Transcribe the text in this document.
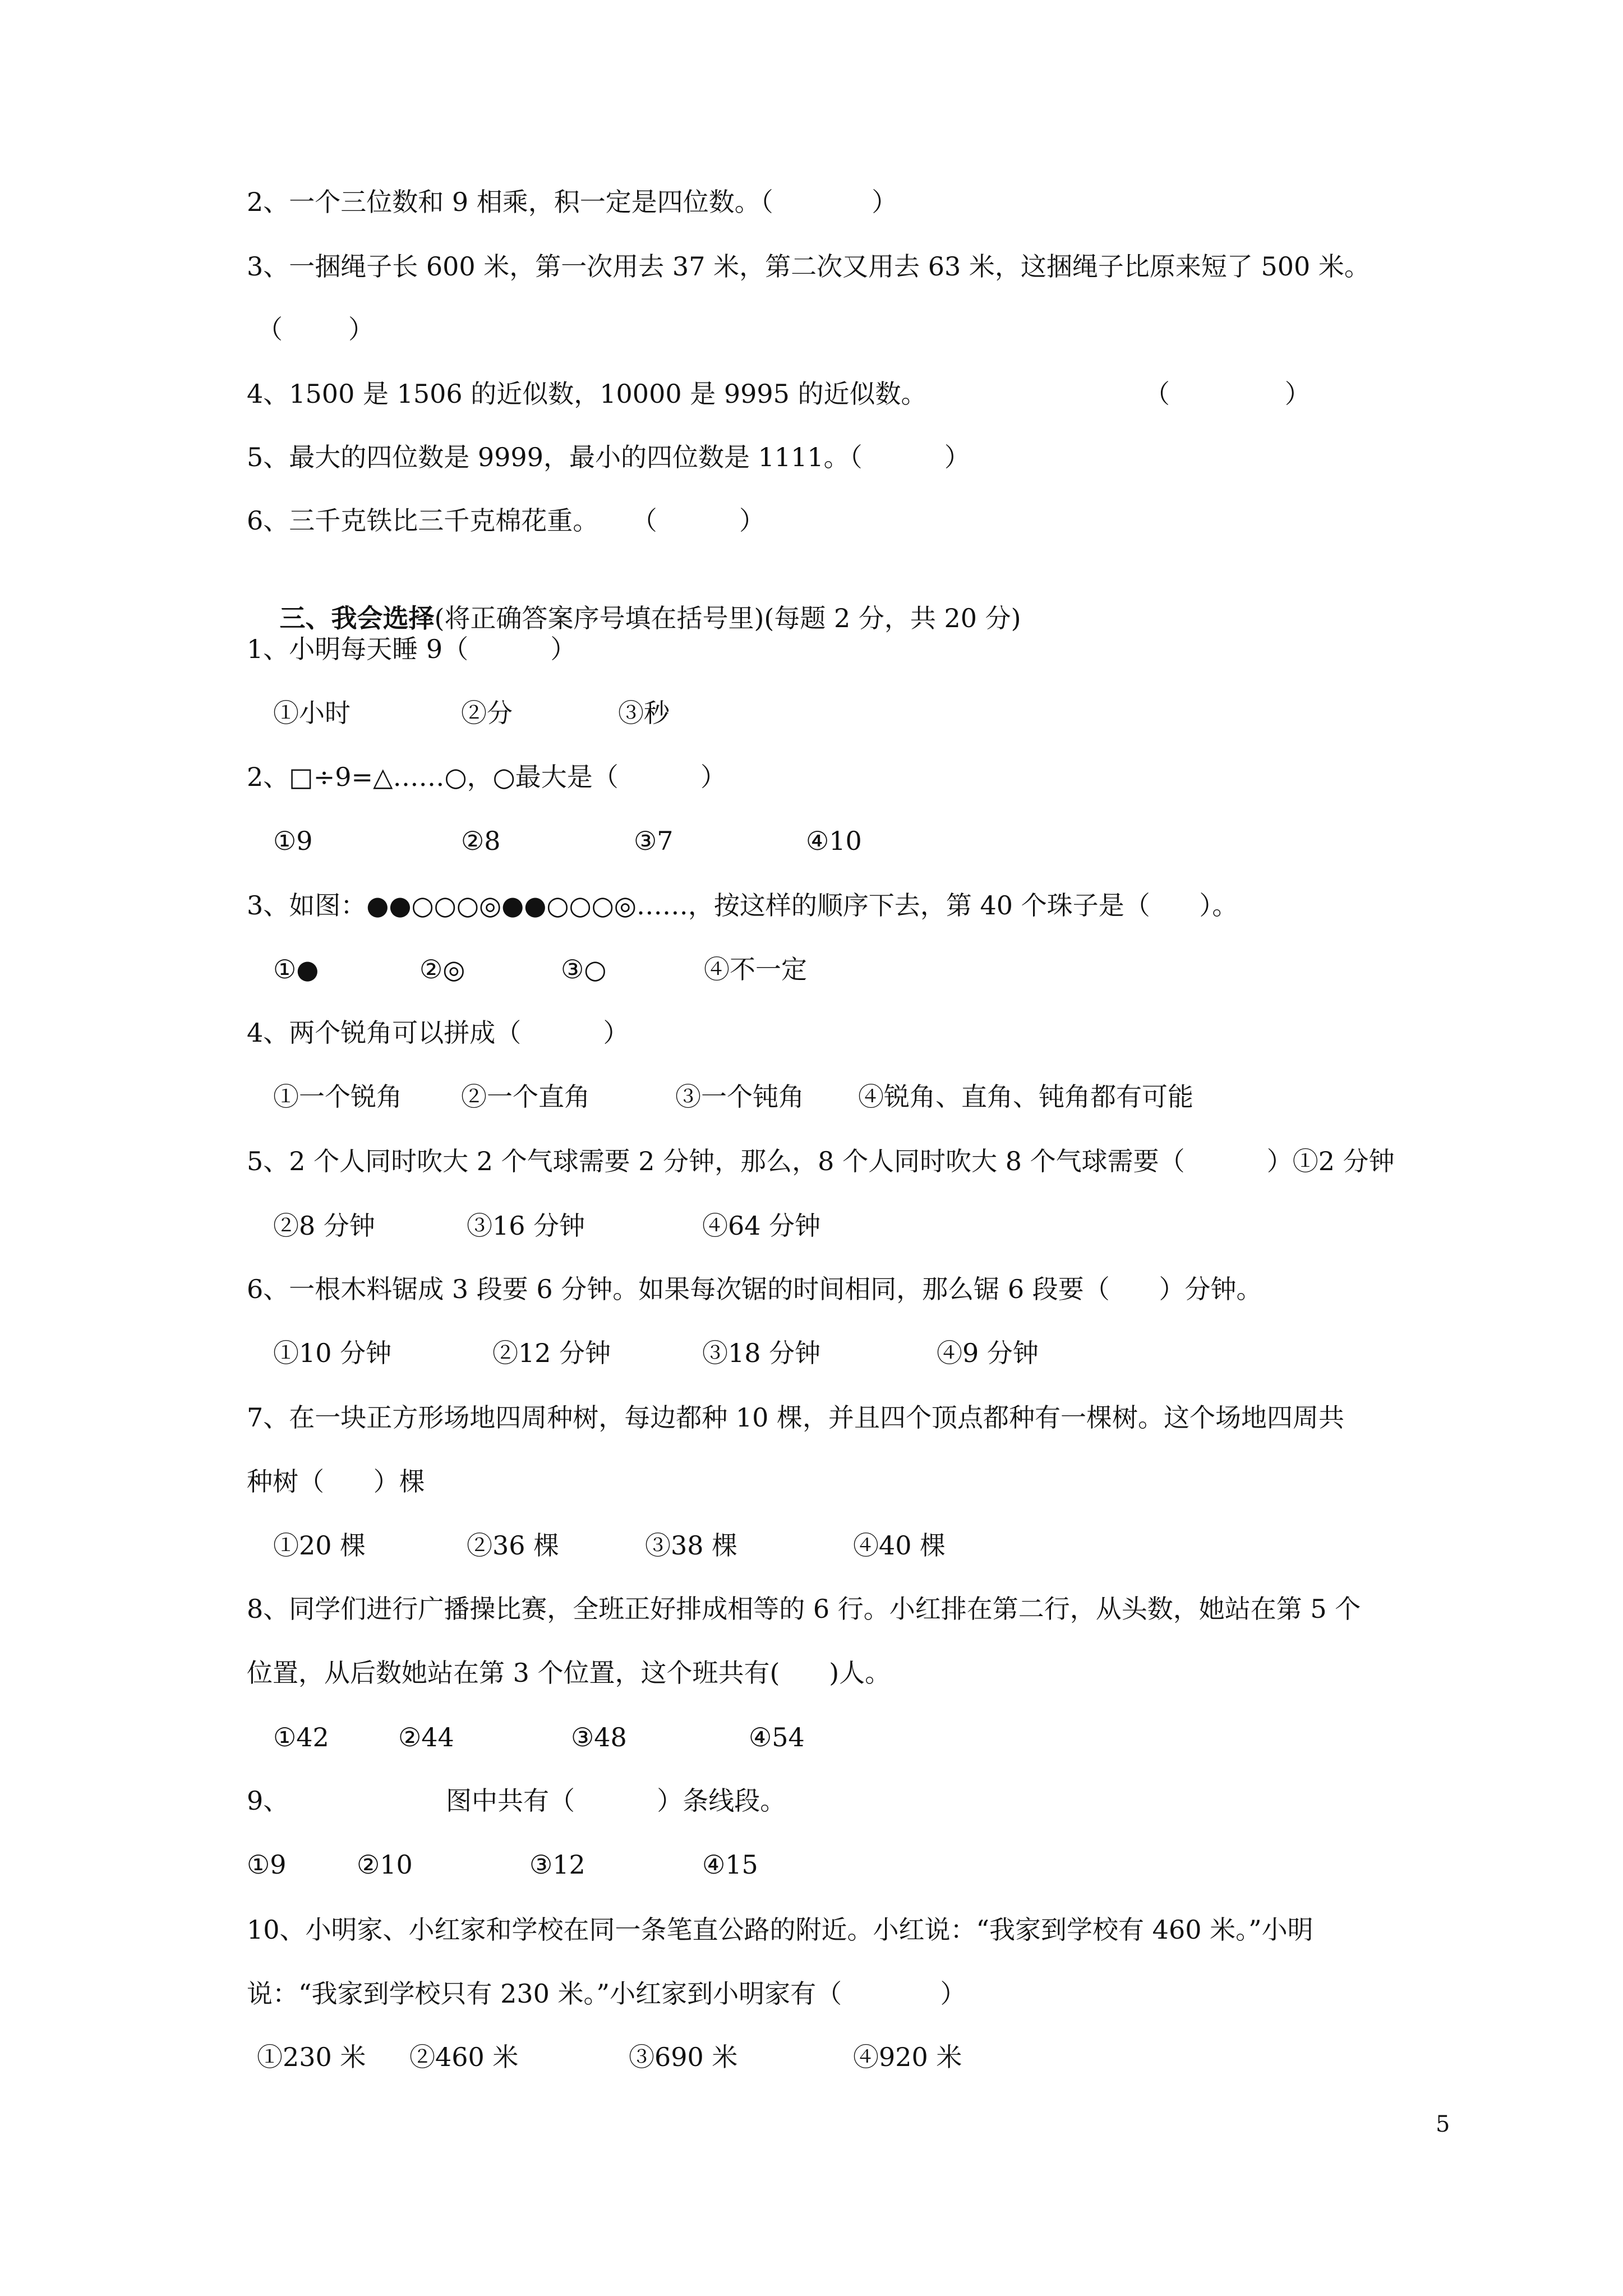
2、一个三位数和 9 相乘，积一定是四位数。（            ）
3、一捆绳子长 600 米，第一次用去 37 米，第二次又用去 63 米，这捆绳子比原来短了 500 米。
（        ）
4、1500 是 1506 的近似数，10000 是 9995 的近似数。	（              ）
5、最大的四位数是 9999，最小的四位数是 1111。（          ）
6、三千克铁比三千克棉花重。    （          ）

三、我会选择(将正确答案序号填在括号里)(每题 2 分，共 20 分)

1、小明每天睡 9（          ）
①小时	②分	③秒
2、□÷9=△……○，○最大是（          ）
①9	②8	③7	④10
3、如图：●●○○○◎●●○○○◎……，按这样的顺序下去，第 40 个珠子是（      ）。
①●	②◎	③○	④不一定
4、两个锐角可以拼成（          ）
①一个锐角 ②一个直角	③一个钝角 ④锐角、直角、钝角都有可能
5、2 个人同时吹大 2 个气球需要 2 分钟，那么，8 个人同时吹大 8 个气球需要（          ）①2 分钟
②8 分钟	③16 分钟	④64 分钟
6、一根木料锯成 3 段要 6 分钟。如果每次锯的时间相同，那么锯 6 段要（      ）分钟。
①10 分钟	②12 分钟	③18 分钟	④9 分钟
7、在一块正方形场地四周种树，每边都种 10 棵，并且四个顶点都种有一棵树。这个场地四周共
种树（      ）棵
①20 棵	②36 棵	③38 棵	④40 棵
8、同学们进行广播操比赛，全班正好排成相等的 6 行。小红排在第二行，从头数，她站在第 5 个
位置，从后数她站在第 3 个位置，这个班共有(      )人。
①42	②44	③48	④54
9、	图中共有（          ）条线段。
①9	②10	③12	④15
10、小明家、小红家和学校在同一条笔直公路的附近。小红说：“我家到学校有 460 米。”小明
说：“我家到学校只有 230 米。”小红家到小明家有（            ）
①230 米 ②460 米	③690 米	④920 米
5
